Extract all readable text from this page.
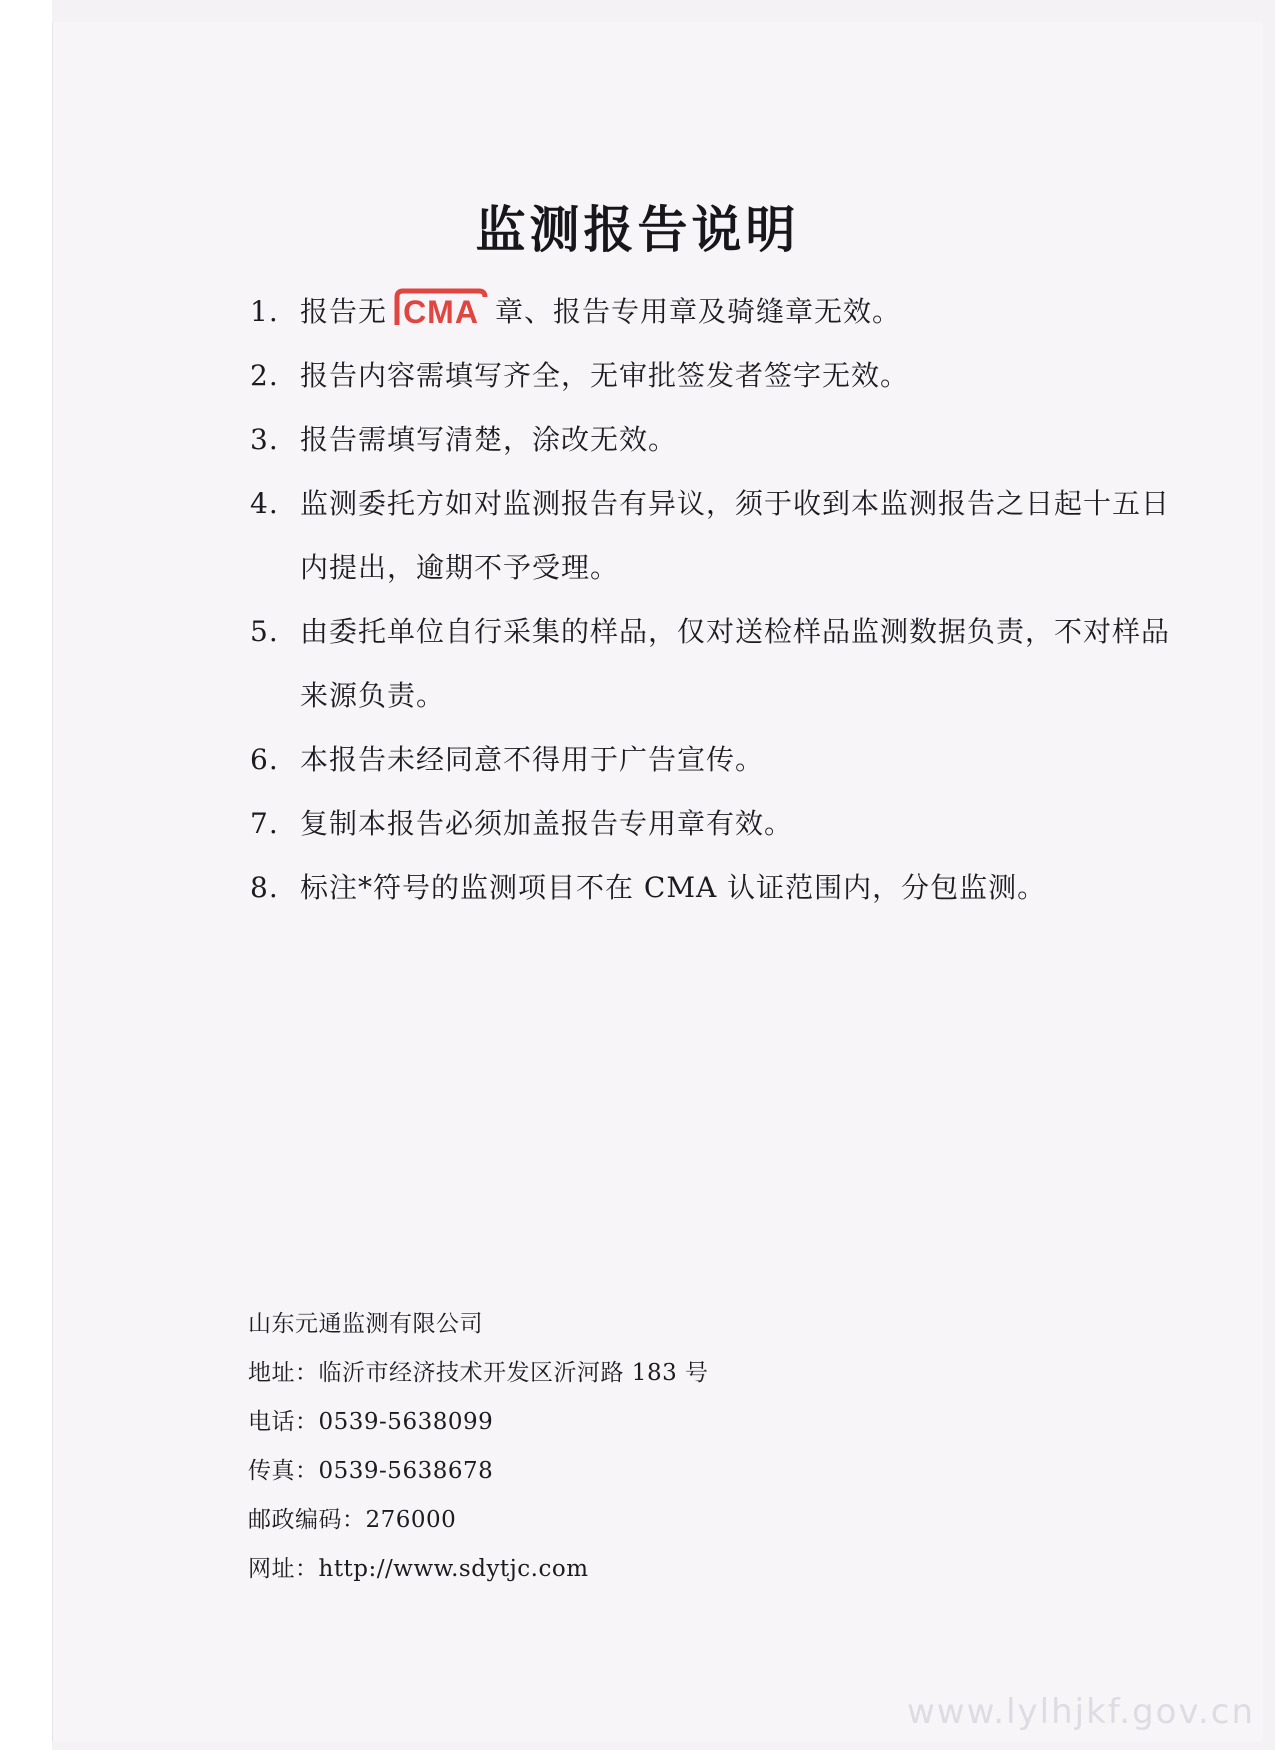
监测报告说明
1. 报告无 CMA 章、报告专用章及骑缝章无效。
2. 报告内容需填写齐全，无审批签发者签字无效。
3. 报告需填写清楚，涂改无效。
4. 监测委托方如对监测报告有异议，须于收到本监测报告之日起十五日内提出，逾期不予受理。
5. 由委托单位自行采集的样品，仅对送检样品监测数据负责，不对样品来源负责。
6. 本报告未经同意不得用于广告宣传。
7. 复制本报告必须加盖报告专用章有效。
8. 标注*符号的监测项目不在 CMA 认证范围内，分包监测。
山东元通监测有限公司
地址：临沂市经济技术开发区沂河路 183 号
电话：0539-5638099
传真：0539-5638678
邮政编码：276000
网址：http://www.sdytjc.com
www.lylhjkf.gov.cn
